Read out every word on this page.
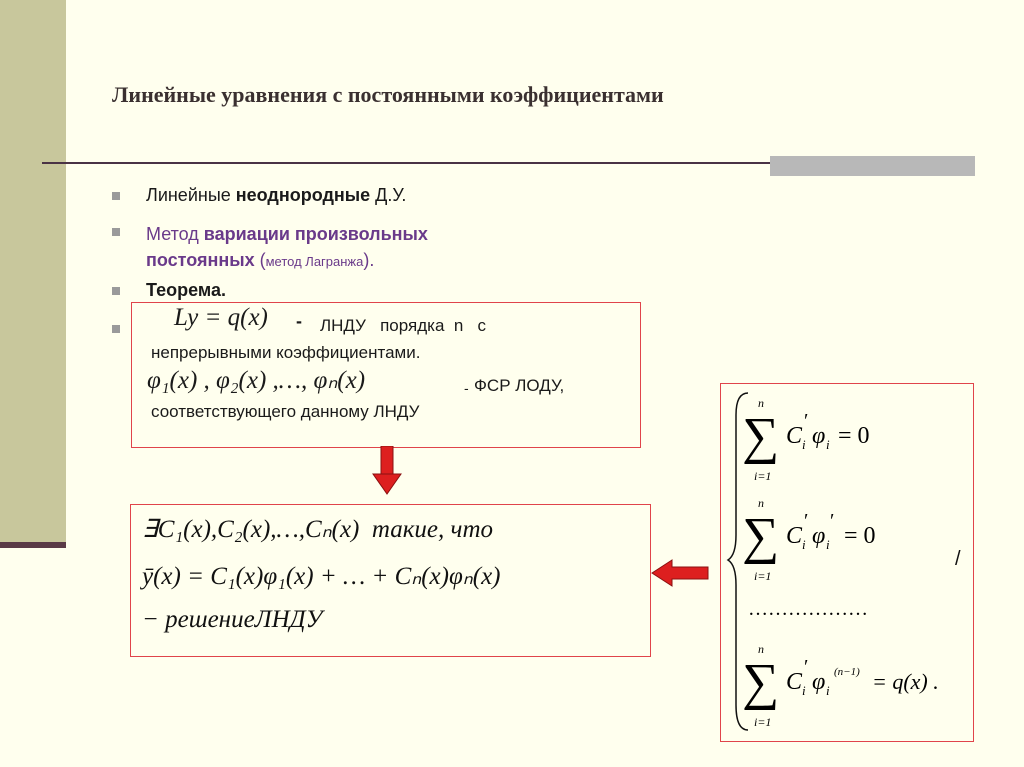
Линейные уравнения с постоянными коэффициентами
Линейные неоднородные Д.У.
Метод вариации произвольных
постоянных (метод Лагранжа).
Теорема.
Ly = q(x) - ЛНДУ   порядка  n   с
непрерывными коэффициентами.
φ₁(x) , φ₂(x) ,…, φₙ(x)	- ФСР ЛОДУ,
соответствующего данному ЛНДУ
∃C₁(x),C₂(x),…,Cₙ(x)  такие, что
ȳ(x) = C₁(x)φ₁(x) + … + Cₙ(x)φₙ(x)
− решениеЛНДУ
n
∑
i=1
C i
′
φ i = 0
n
∑
i=1
C i
′
φ i
′
= 0
………………
n
∑
i=1
C i
′
φ i
(n−1) = q(x) .
/
